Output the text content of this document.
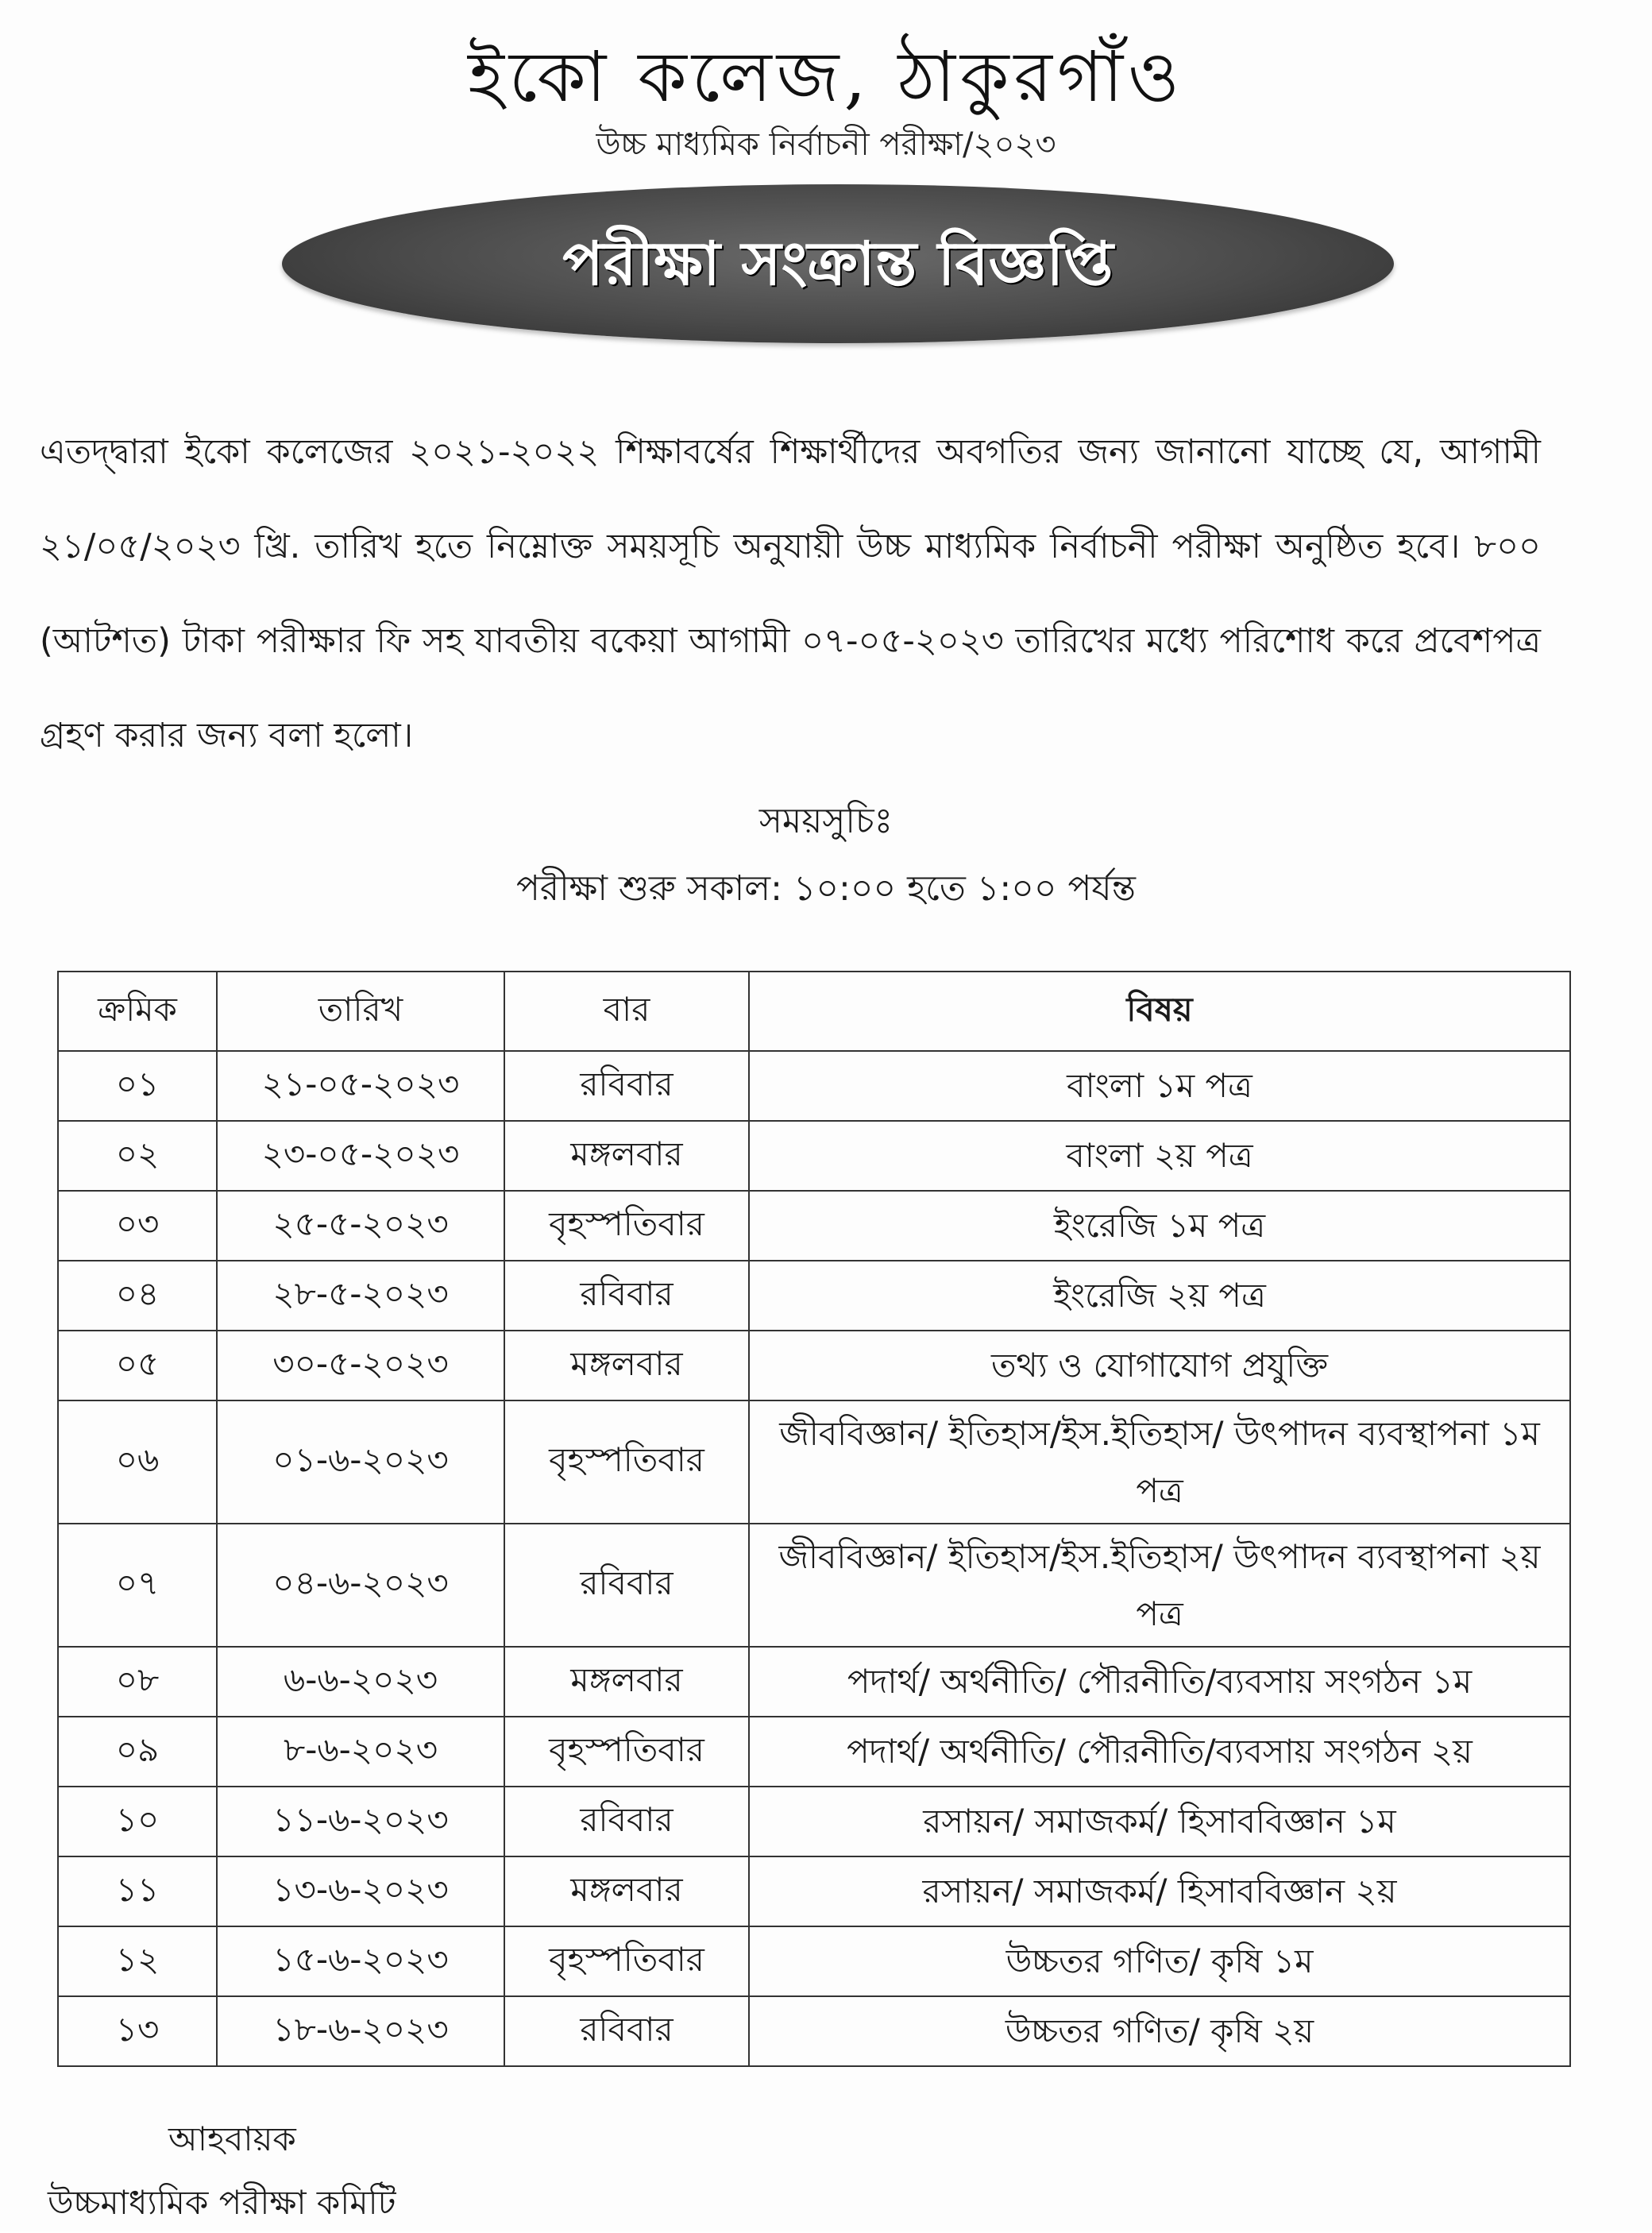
ইকো কলেজ, ঠাকুরগাঁও
উচ্চ মাধ্যমিক নির্বাচনী পরীক্ষা/২০২৩
পরীক্ষা সংক্রান্ত বিজ্ঞপ্তি
এতদ্দ্বারা ইকো কলেজের ২০২১-২০২২ শিক্ষাবর্ষের শিক্ষার্থীদের অবগতির জন্য জানানো যাচ্ছে যে, আগামী ২১/০৫/২০২৩ খ্রি. তারিখ হতে নিম্নোক্ত সময়সূচি অনুযায়ী উচ্চ মাধ্যমিক নির্বাচনী পরীক্ষা অনুষ্ঠিত হবে। ৮০০ (আটশত) টাকা পরীক্ষার ফি সহ যাবতীয় বকেয়া আগামী ০৭-০৫-২০২৩ তারিখের মধ্যে পরিশোধ করে প্রবেশপত্র গ্রহণ করার জন্য বলা হলো।
সময়সুচিঃ
পরীক্ষা শুরু সকাল: ১০:০০ হতে ১:০০ পর্যন্ত
ক্রমিক	তারিখ	বার	বিষয়
০১	২১-০৫-২০২৩	রবিবার	বাংলা ১ম পত্র
০২	২৩-০৫-২০২৩	মঙ্গলবার	বাংলা ২য় পত্র
০৩	২৫-৫-২০২৩	বৃহস্পতিবার	ইংরেজি ১ম পত্র
০৪	২৮-৫-২০২৩	রবিবার	ইংরেজি ২য় পত্র
০৫	৩০-৫-২০২৩	মঙ্গলবার	তথ্য ও যোগাযোগ প্রযুক্তি
০৬	০১-৬-২০২৩	বৃহস্পতিবার	জীববিজ্ঞান/ ইতিহাস/ইস.ইতিহাস/ উৎপাদন ব্যবস্থাপনা ১ম পত্র
০৭	০৪-৬-২০২৩	রবিবার	জীববিজ্ঞান/ ইতিহাস/ইস.ইতিহাস/ উৎপাদন ব্যবস্থাপনা ২য় পত্র
০৮	৬-৬-২০২৩	মঙ্গলবার	পদার্থ/ অর্থনীতি/ পৌরনীতি/ব্যবসায় সংগঠন ১ম
০৯	৮-৬-২০২৩	বৃহস্পতিবার	পদার্থ/ অর্থনীতি/ পৌরনীতি/ব্যবসায় সংগঠন ২য়
১০	১১-৬-২০২৩	রবিবার	রসায়ন/ সমাজকর্ম/ হিসাববিজ্ঞান ১ম
১১	১৩-৬-২০২৩	মঙ্গলবার	রসায়ন/ সমাজকর্ম/ হিসাববিজ্ঞান ২য়
১২	১৫-৬-২০২৩	বৃহস্পতিবার	উচ্চতর গণিত/ কৃষি ১ম
১৩	১৮-৬-২০২৩	রবিবার	উচ্চতর গণিত/ কৃষি ২য়
আহবায়ক
উচ্চমাধ্যমিক পরীক্ষা কমিটি
